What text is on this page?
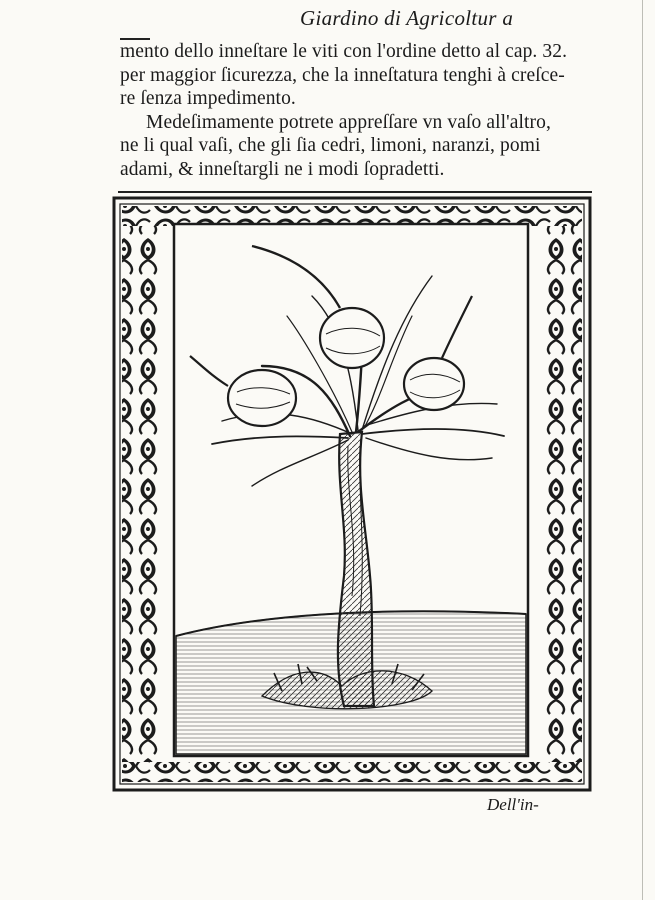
Giardino di Agricoltur a
mento dello inneſtare le viti con l'ordine detto al cap. 32.
per maggior ſicurezza, che la inneſtatura tenghi à creſce-
re ſenza impedimento.
Medeſimamente potrete appreſſare vn vaſo all'altro,
ne li qual vaſi, che gli ſia cedri, limoni, naranzi, pomi
adami, & inneſtargli ne i modi ſopradetti.
Dell'in-
